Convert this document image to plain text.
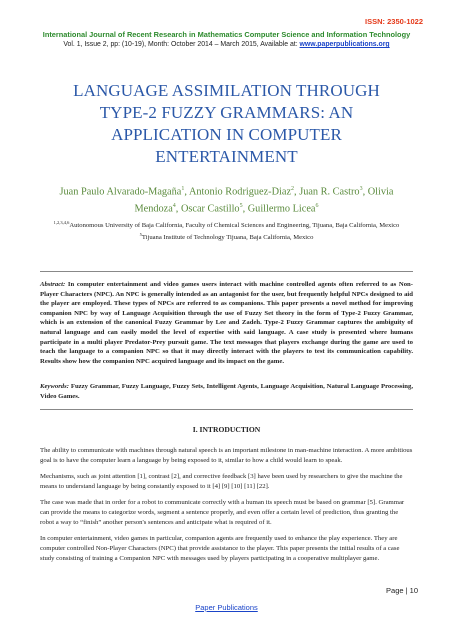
ISSN: 2350-1022
International Journal of Recent Research in Mathematics Computer Science and Information Technology
Vol. 1, Issue 2, pp: (10-19), Month: October 2014 – March 2015, Available at: www.paperpublications.org
LANGUAGE ASSIMILATION THROUGH
TYPE-2 FUZZY GRAMMARS: AN
APPLICATION IN COMPUTER
ENTERTAINMENT
Juan Paulo Alvarado-Magaña$^1$, Antonio Rodriguez-Diaz$^2$, Juan R. Castro$^3$, Olivia Mendoza$^4$, Oscar Castillo$^5$, Guillermo Licea$^6$
$^{1,2,3,4,6}$Autonomous University of Baja California, Faculty of Chemical Sciences and Engineering, Tijuana, Baja California, Mexico
$^5$Tijuana Institute of Technology Tijuana, Baja California, Mexico
Abstract: In computer entertainment and video games users interact with machine controlled agents often referred to as Non-Player Characters (NPC). An NPC is generally intended as an antagonist for the user, but frequently helpful NPCs designed to aid the player are employed. These types of NPCs are referred to as companions. This paper presents a novel method for improving companion NPC by way of Language Acquisition through the use of Fuzzy Set theory in the form of Type-2 Fuzzy Grammar, which is an extension of the canonical Fuzzy Grammar by Lee and Zadeh. Type-2 Fuzzy Grammar captures the ambiguity of natural language and can easily model the level of expertise with said language. A case study is presented where humans participate in a multi player Predator-Prey pursuit game. The text messages that players exchange during the game are used to teach the language to a companion NPC so that it may directly interact with the players to test its communication capability. Results show how the companion NPC acquired language and its impact on the game.
Keywords: Fuzzy Grammar, Fuzzy Language, Fuzzy Sets, Intelligent Agents, Language Acquisition, Natural Language Processing, Video Games.
I. INTRODUCTION

The ability to communicate with machines through natural speech is an important milestone in man-machine interaction. A more ambitious goal is to have the computer learn a language by being exposed to it, similar to how a child would learn to speak.

Mechanisms, such as joint attention [1], contrast [2], and corrective feedback [3] have been used by researchers to give the machine the means to understand language by being constantly exposed to it [4] [9] [10] [11] [22].

The case was made that in order for a robot to communicate correctly with a human its speech must be based on grammar [5]. Grammar can provide the means to categorize words, segment a sentence properly, and even offer a certain level of prediction, thus granting the robot a way to “finish” another person's sentences and anticipate what is required of it.

In computer entertainment, video games in particular, companion agents are frequently used to enhance the play experience. They are computer controlled Non-Player Characters (NPC) that provide assistance to the player. This paper presents the initial results of a case study consisting of training a Companion NPC with messages used by players participating in a cooperative multiplayer game.

Page | 10
Paper Publications
